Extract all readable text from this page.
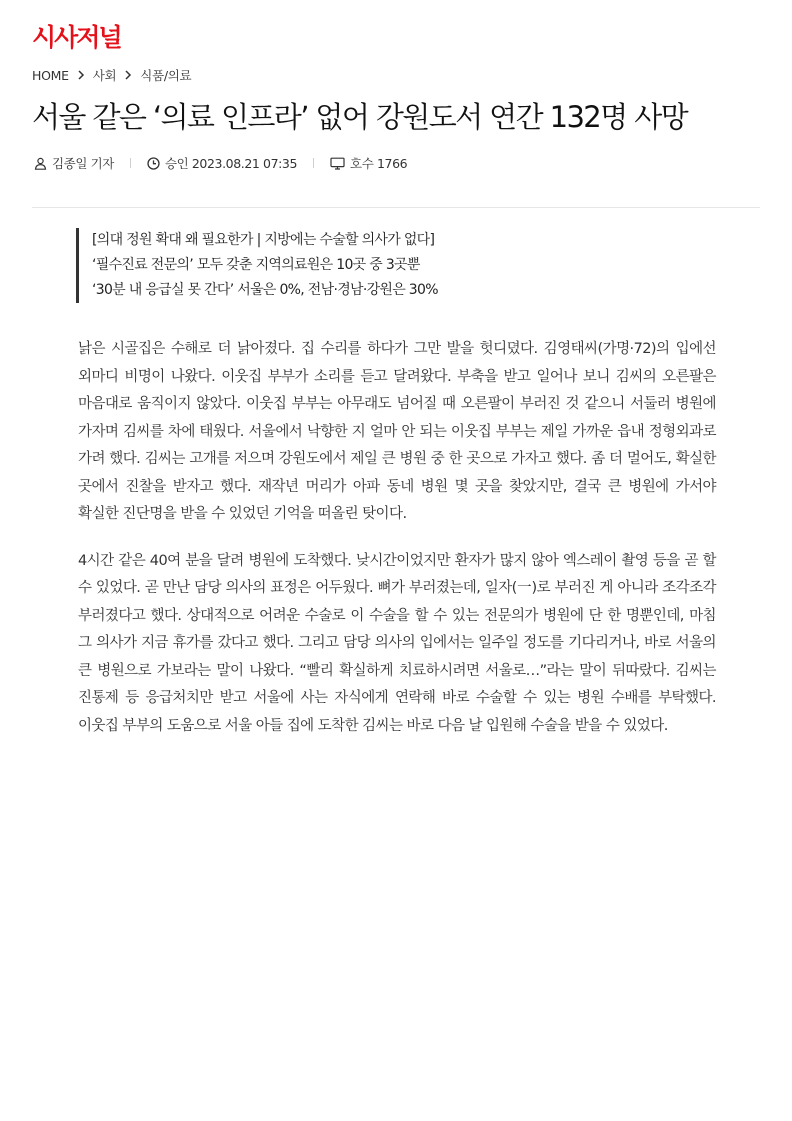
시사저널
HOME 사회 식품/의료
서울 같은 ‘의료 인프라’ 없어 강원도서 연간 132명 사망
김종일 기자	승인 2023.08.21 07:35	호수 1766

[의대 정원 확대 왜 필요한가 | 지방에는 수술할 의사가 없다]

‘필수진료 전문의’ 모두 갖춘 지역의료원은 10곳 중 3곳뿐

‘30분 내 응급실 못 간다’ 서울은 0%, 전남·경남·강원은 30%

낡은 시골집은 수해로 더 낡아졌다. 집 수리를 하다가 그만 발을 헛디뎠다. 김영태씨(가명·72)의 입에선 외마디 비명이 나왔다. 이웃집 부부가 소리를 듣고 달려왔다. 부축을 받고 일어나 보니 김씨의 오른팔은 마음대로 움직이지 않았다. 이웃집 부부는 아무래도 넘어질 때 오른팔이 부러진 것 같으니 서둘러 병원에 가자며 김씨를 차에 태웠다. 서울에서 낙향한 지 얼마 안 되는 이웃집 부부는 제일 가까운 읍내 정형외과로 가려 했다. 김씨는 고개를 저으며 강원도에서 제일 큰 병원 중 한 곳으로 가자고 했다. 좀 더 멀어도, 확실한 곳에서 진찰을 받자고 했다. 재작년 머리가 아파 동네 병원 몇 곳을 찾았지만, 결국 큰 병원에 가서야 확실한 진단명을 받을 수 있었던 기억을 떠올린 탓이다.

4시간 같은 40여 분을 달려 병원에 도착했다. 낮시간이었지만 환자가 많지 않아 엑스레이 촬영 등을 곧 할 수 있었다. 곧 만난 담당 의사의 표정은 어두웠다. 뼈가 부러졌는데, 일자(一)로 부러진 게 아니라 조각조각 부러졌다고 했다. 상대적으로 어려운 수술로 이 수술을 할 수 있는 전문의가 병원에 단 한 명뿐인데, 마침 그 의사가 지금 휴가를 갔다고 했다. 그리고 담당 의사의 입에서는 일주일 정도를 기다리거나, 바로 서울의 큰 병원으로 가보라는 말이 나왔다. “빨리 확실하게 치료하시려면 서울로…”라는 말이 뒤따랐다. 김씨는 진통제 등 응급처치만 받고 서울에 사는 자식에게 연락해 바로 수술할 수 있는 병원 수배를 부탁했다. 이웃집 부부의 도움으로 서울 아들 집에 도착한 김씨는 바로 다음 날 입원해 수술을 받을 수 있었다.
